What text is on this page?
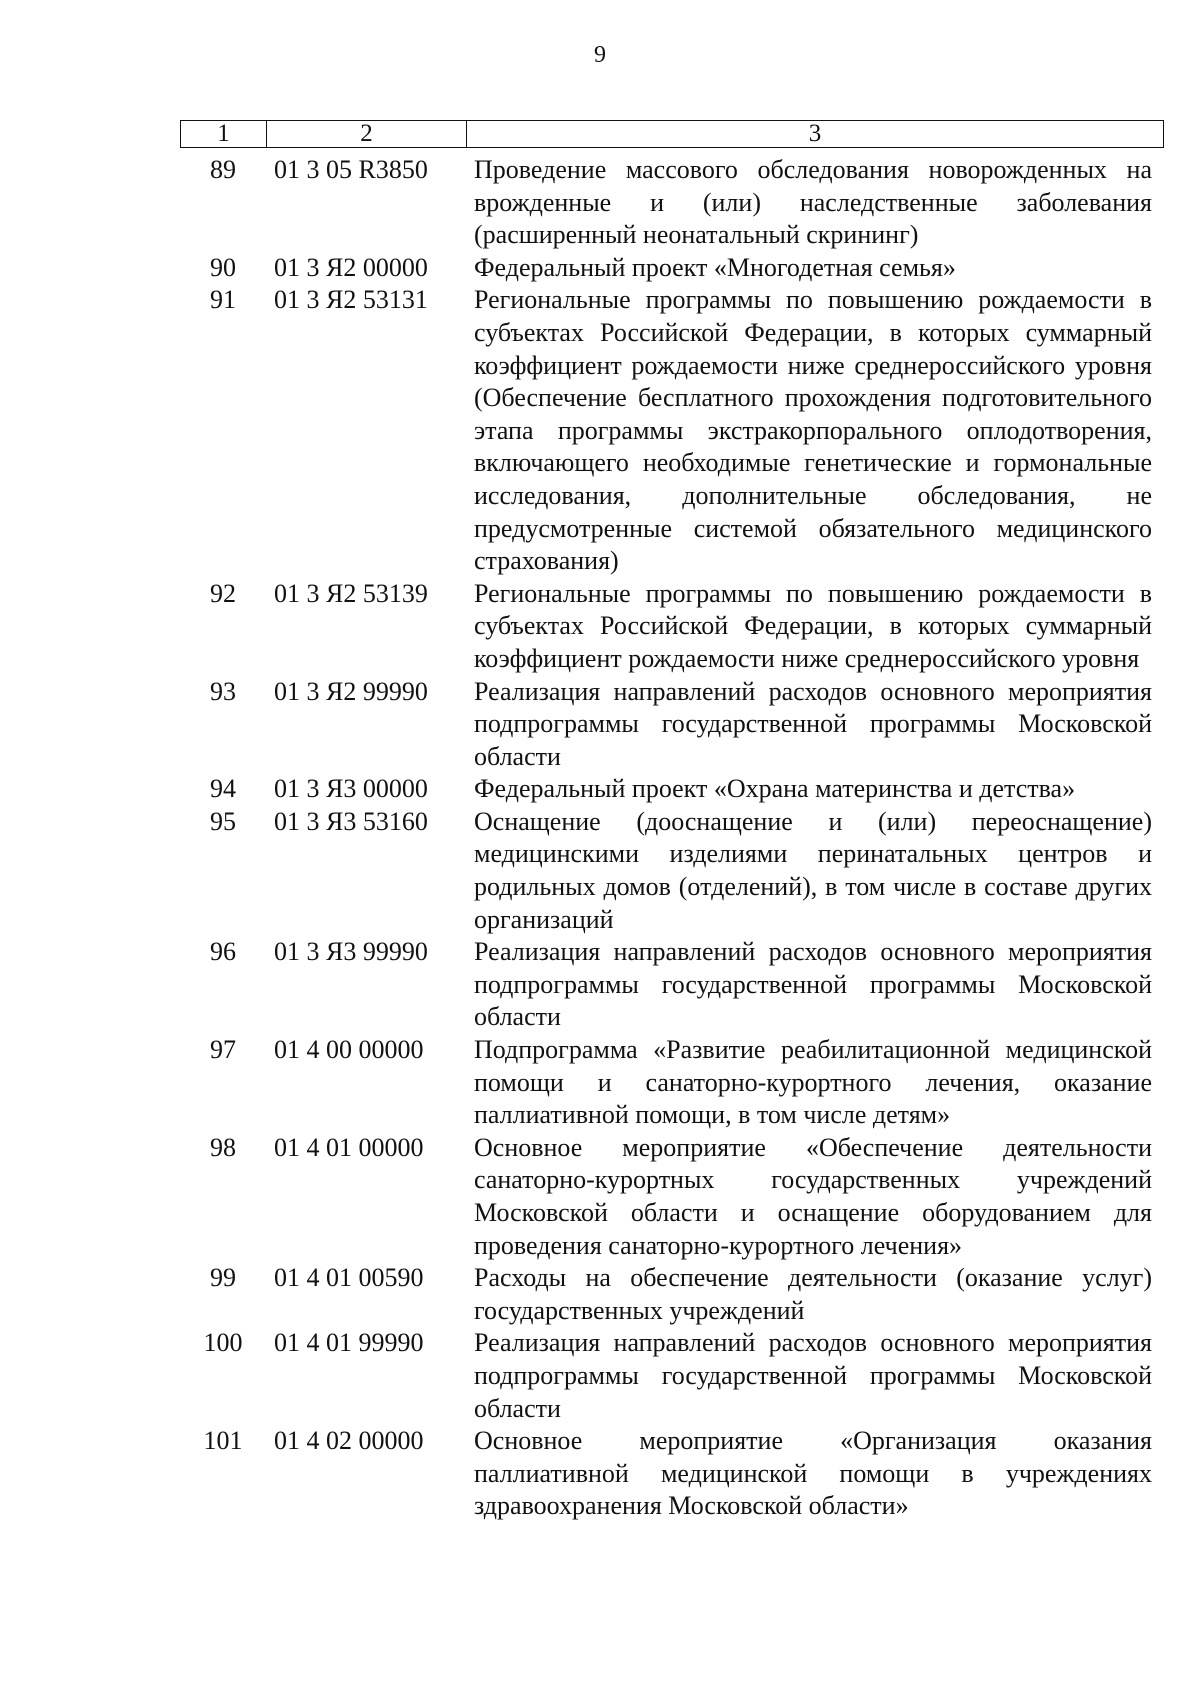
9
1	2	3
89	01 3 05 R3850	Проведение массового обследования новорожденных на врожденные и (или) наследственные заболевания (расширенный неонатальный скрининг)
90	01 3 Я2 00000	Федеральный проект «Многодетная семья»
91	01 3 Я2 53131	Региональные программы по повышению рождаемости в субъектах Российской Федерации, в которых суммарный коэффициент рождаемости ниже среднероссийского уровня (Обеспечение бесплатного прохождения подготовительного этапа программы экстракорпорального оплодотворения, включающего необходимые генетические и гормональные исследования, дополнительные обследования, не предусмотренные системой обязательного медицинского страхования)
92	01 3 Я2 53139	Региональные программы по повышению рождаемости в субъектах Российской Федерации, в которых суммарный коэффициент рождаемости ниже среднероссийского уровня
93	01 3 Я2 99990	Реализация направлений расходов основного мероприятия подпрограммы государственной программы Московской области
94	01 3 Я3 00000	Федеральный проект «Охрана материнства и детства»
95	01 3 Я3 53160	Оснащение (дооснащение и (или) переоснащение) медицинскими изделиями перинатальных центров и родильных домов (отделений), в том числе в составе других организаций
96	01 3 Я3 99990	Реализация направлений расходов основного мероприятия подпрограммы государственной программы Московской области
97	01 4 00 00000	Подпрограмма «Развитие реабилитационной медицинской помощи и санаторно-курортного лечения, оказание паллиативной помощи, в том числе детям»
98	01 4 01 00000	Основное мероприятие «Обеспечение деятельности санаторно-курортных государственных учреждений Московской области и оснащение оборудованием для проведения санаторно-курортного лечения»
99	01 4 01 00590	Расходы на обеспечение деятельности (оказание услуг) государственных учреждений
100	01 4 01 99990	Реализация направлений расходов основного мероприятия подпрограммы государственной программы Московской области
101	01 4 02 00000	Основное мероприятие «Организация оказания паллиативной медицинской помощи в учреждениях здравоохранения Московской области»
